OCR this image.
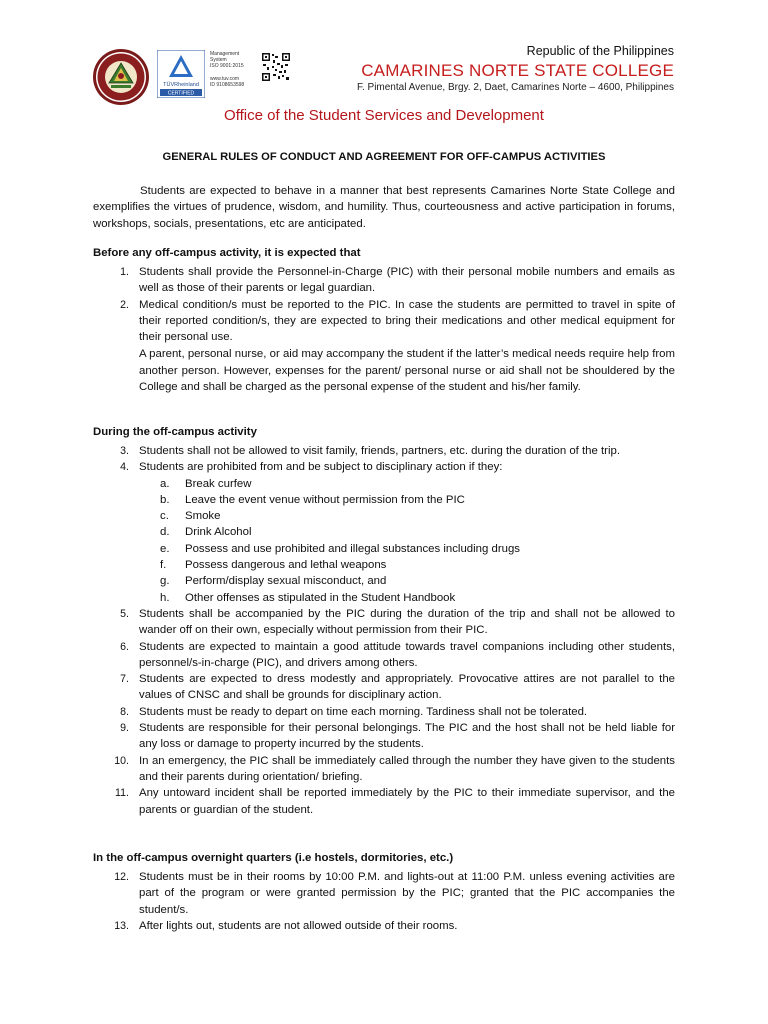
TÜVRheinland
CERTIFIED
Management
System
ISO 9001:2015

www.tuv.com
ID 9108653598
Republic of the Philippines
CAMARINES NORTE STATE COLLEGE
F. Pimental Avenue, Brgy. 2, Daet, Camarines Norte – 4600, Philippines
Office of the Student Services and Development
GENERAL RULES OF CONDUCT AND AGREEMENT FOR OFF-CAMPUS ACTIVITIES
Students are expected to behave in a manner that best represents Camarines Norte State College and exemplifies the virtues of prudence, wisdom, and humility. Thus, courteousness and active participation in forums, workshops, socials, presentations, etc are anticipated.
Before any off-campus activity, it is expected that
1. Students shall provide the Personnel-in-Charge (PIC) with their personal mobile numbers and emails as well as those of their parents or legal guardian.
2. Medical condition/s must be reported to the PIC. In case the students are permitted to travel in spite of their reported condition/s, they are expected to bring their medications and other medical equipment for their personal use.
A parent, personal nurse, or aid may accompany the student if the latter’s medical needs require help from another person. However, expenses for the parent/ personal nurse or aid shall not be shouldered by the College and shall be charged as the personal expense of the student and his/her family.
During the off-campus activity
3. Students shall not be allowed to visit family, friends, partners, etc. during the duration of the trip.
4. Students are prohibited from and be subject to disciplinary action if they:
a.	Break curfew
b.	Leave the event venue without permission from the PIC
c.	Smoke
d.	Drink Alcohol
e.	Possess and use prohibited and illegal substances including drugs
f.	Possess dangerous and lethal weapons
g.	Perform/display sexual misconduct, and
h.	Other offenses as stipulated in the Student Handbook
5. Students shall be accompanied by the PIC during the duration of the trip and shall not be allowed to wander off on their own, especially without permission from their PIC.
6. Students are expected to maintain a good attitude towards travel companions including other students, personnel/s-in-charge (PIC), and drivers among others.
7. Students are expected to dress modestly and appropriately. Provocative attires are not parallel to the values of CNSC and shall be grounds for disciplinary action.
8. Students must be ready to depart on time each morning. Tardiness shall not be tolerated.
9. Students are responsible for their personal belongings. The PIC and the host shall not be held liable for any loss or damage to property incurred by the students.
10. In an emergency, the PIC shall be immediately called through the number they have given to the students and their parents during orientation/ briefing.
11. Any untoward incident shall be reported immediately by the PIC to their immediate supervisor, and the parents or guardian of the student.
In the off-campus overnight quarters (i.e hostels, dormitories, etc.)
12. Students must be in their rooms by 10:00 P.M. and lights-out at 11:00 P.M. unless evening activities are part of the program or were granted permission by the PIC; granted that the PIC accompanies the student/s.
13. After lights out, students are not allowed outside of their rooms.
